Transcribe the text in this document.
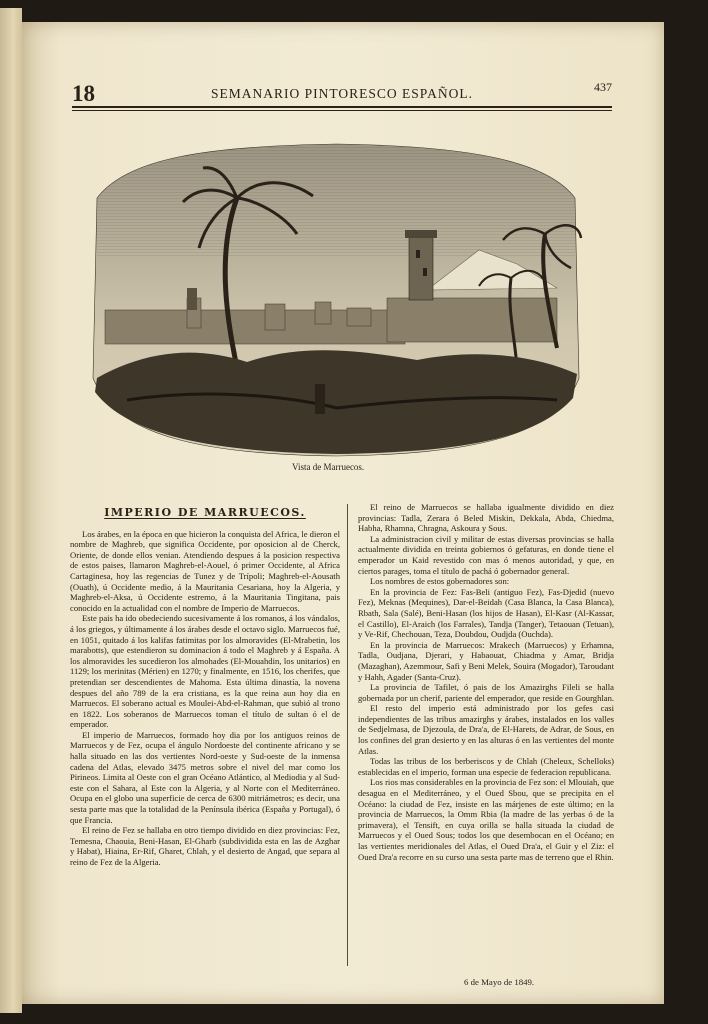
18	SEMANARIO PINTORESCO ESPAÑOL.	437
Vista de Marruecos.
IMPERIO DE MARRUECOS.

Los árabes, en la época en que hicieron la conquista del Africa, le dieron el nombre de Maghreb, que significa Occidente, por oposicion al de Cherck, Oriente, de donde ellos venian. Atendiendo despues á la posicion respectiva de estos paises, llamaron Maghreb-el-Aouel, ó primer Occidente, al Africa Cartaginesa, hoy las regencias de Tunez y de Trípoli; Maghreb-el-Aousath (Ouath), ú Occidente medio, á la Mauritania Cesariana, hoy la Algeria, y Maghreb-el-Aksa, ú Occidente estremo, á la Mauritania Tingitana, pais conocido en la actualidad con el nombre de Imperio de Marruecos.

Este pais ha ido obedeciendo sucesivamente á los romanos, á los vándalos, á los griegos, y últimamente á los árabes desde el octavo siglo. Marruecos fué, en 1051, quitado á los kalifas fatimitas por los almoravides (El-Mrabetin, los marabotts), que estendieron su dominacion á todo el Maghreb y á España. A los almoravides les sucedieron los almohades (El-Mouahdin, los unitarios) en 1129; los merinitas (Mérien) en 1270; y finalmente, en 1516, los cherifes, que pretendian ser descendientes de Mahoma. Esta última dinastía, la novena despues del año 789 de la era cristiana, es la que reina aun hoy dia en Marruecos. El soberano actual es Moulei-Abd-el-Rahman, que subió al trono en 1822. Los soberanos de Marruecos toman el título de sultan ó el de emperador.

El imperio de Marruecos, formado hoy dia por los antiguos reinos de Marruecos y de Fez, ocupa el ángulo Nordoeste del continente africano y se halla situado en las dos vertientes Nord-oeste y Sud-oeste de la inmensa cadena del Atlas, elevado 3475 metros sobre el nivel del mar como los Pirineos. Limita al Oeste con el gran Océano Atlántico, al Mediodia y al Sud-este con el Sahara, al Este con la Algeria, y al Norte con el Mediterráneo. Ocupa en el globo una superficie de cerca de 6300 mitriámetros; es decir, una sesta parte mas que la totalidad de la Península ibérica (España y Portugal), ó que Francia.

El reino de Fez se hallaba en otro tiempo dividido en diez provincias: Fez, Temesna, Chaouia, Beni-Hasan, El-Gharb (subdividida esta en las de Azghar y Habat), Hiaina, Er-Rif, Gharet, Chlah, y el desierto de Angad, que separa al reino de Fez de la Algeria.

El reino de Marruecos se hallaba igualmente dividido en diez provincias: Tadla, Zerara ó Beled Miskin, Dekkala, Abda, Chiedma, Habha, Rhamna, Chragna, Askoura y Sous.

La administracion civil y militar de estas diversas provincias se halla actualmente dividida en treinta gobiernos ó gefaturas, en donde tiene el emperador un Kaid revestido con mas ó menos autoridad, y que, en ciertos parages, toma el título de pachá ó gobernador general.

Los nombres de estos gobernadores son:

En la provincia de Fez: Fas-Beli (antiguo Fez), Fas-Djedid (nuevo Fez), Meknas (Mequines), Dar-el-Beidah (Casa Blanca, la Casa Blanca), Rbath, Sala (Salé), Beni-Hasan (los hijos de Hasan), El-Kasr (Al-Kassar, el Castillo), El-Araich (los Farrales), Tandja (Tanger), Tetaouan (Tetuan), y Ve-Rif, Chechouan, Teza, Doubdou, Oudjda (Ouchda).

En la provincia de Marruecos: Mrakech (Marruecos) y Erhamna, Tadla, Oudjana, Djerari, y Habaouat, Chiadma y Amar, Bridja (Mazaghan), Azemmour, Safi y Beni Melek, Souira (Mogador), Taroudant y Hahh, Agader (Santa-Cruz).

La provincia de Tafilet, ó pais de los Amazirghs Fileli se halla gobernada por un cherif, pariente del emperador, que reside en Gourghlan.

El resto del imperio está administrado por los gefes casi independientes de las tribus amazirghs y árabes, instalados en los valles de Sedjelmasa, de Djezoula, de Dra'a, de El-Harets, de Adrar, de Sous, en los confines del gran desierto y en las alturas ó en las vertientes del monte Atlas.

Todas las tribus de los berberiscos y de Chlah (Cheleux, Schelloks) establecidas en el imperio, forman una especie de federacion republicana.

Los rios mas considerables en la provincia de Fez son: el Mlouiah, que desagua en el Mediterráneo, y el Oued Sbou, que se precipita en el Océano: la ciudad de Fez, insiste en las márjenes de este último; en la provincia de Marruecos, la Omm Rbia (la madre de las yerbas ó de la primavera), el Tensift, en cuya orilla se halla situada la ciudad de Marruecos y el Oued Sous; todos los que desembocan en el Océano; en las vertientes meridionales del Atlas, el Oued Dra'a, el Guir y el Ziz: el Oued Dra'a recorre en su curso una sesta parte mas de terreno que el Rhin.

6 de Mayo de 1849.
